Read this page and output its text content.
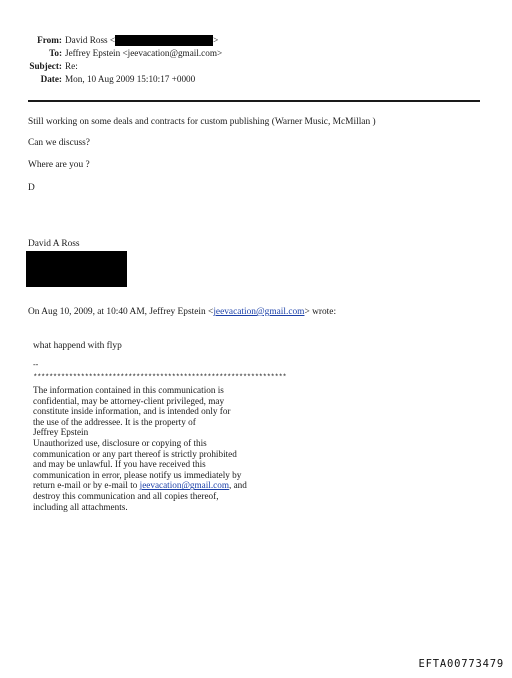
From: David Ross <	>
To: Jeffrey Epstein <jeevacation@gmail.com>
Subject: Re:
Date: Mon, 10 Aug 2009 15:10:17 +0000
Still working on some deals and contracts for custom publishing (Warner Music, McMillan )
Can we discuss?
Where are you ?
D
David A Ross
On Aug 10, 2009, at 10:40 AM, Jeffrey Epstein <jeevacation@gmail.com> wrote:
what happend with flyp
--
****************************************************************
The information contained in this communication is
confidential, may be attorney-client privileged, may
constitute inside information, and is intended only for
the use of the addressee. It is the property of
Jeffrey Epstein
Unauthorized use, disclosure or copying of this
communication or any part thereof is strictly prohibited
and may be unlawful. If you have received this
communication in error, please notify us immediately by
return e-mail or by e-mail to jeevacation@gmail.com, and
destroy this communication and all copies thereof,
including all attachments.
EFTA00773479
